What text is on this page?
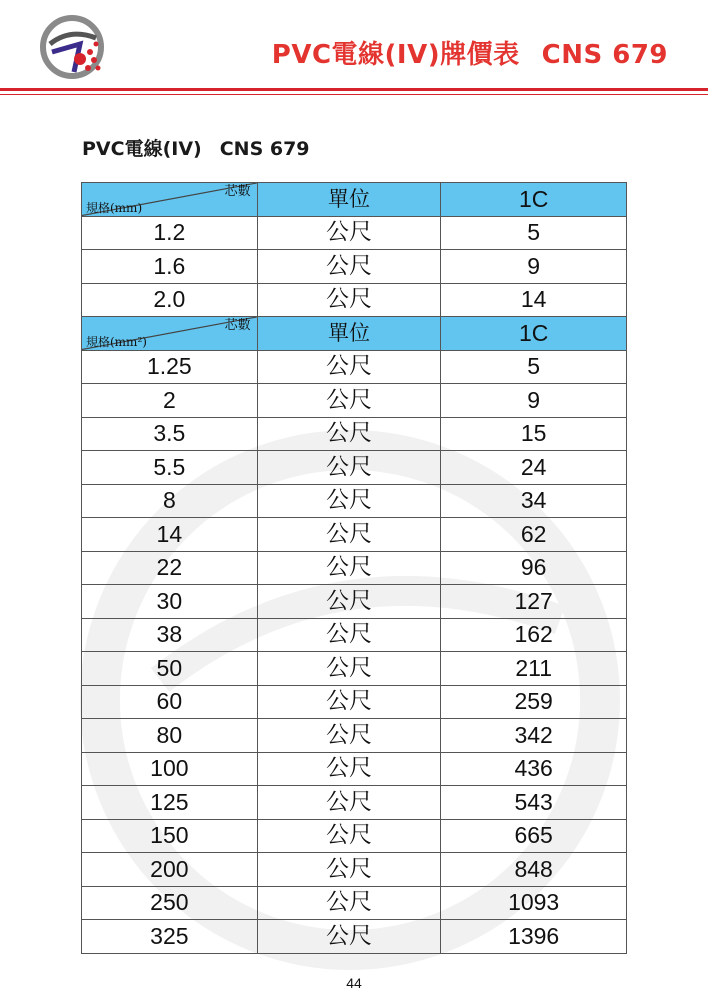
PVC電線(IV)牌價表 CNS 679
PVC電線(IV) CNS 679
芯數
規格(mm)	單位	1C
1.2	公尺	5
1.6	公尺	9
2.0	公尺	14

芯數
規格(mm²)	單位	1C
1.25	公尺	5
2	公尺	9
3.5	公尺	15
5.5	公尺	24
8	公尺	34
14	公尺	62
22	公尺	96
30	公尺	127
38	公尺	162
50	公尺	211
60	公尺	259
80	公尺	342
100	公尺	436
125	公尺	543
150	公尺	665
200	公尺	848
250	公尺	1093
325	公尺	1396
44
